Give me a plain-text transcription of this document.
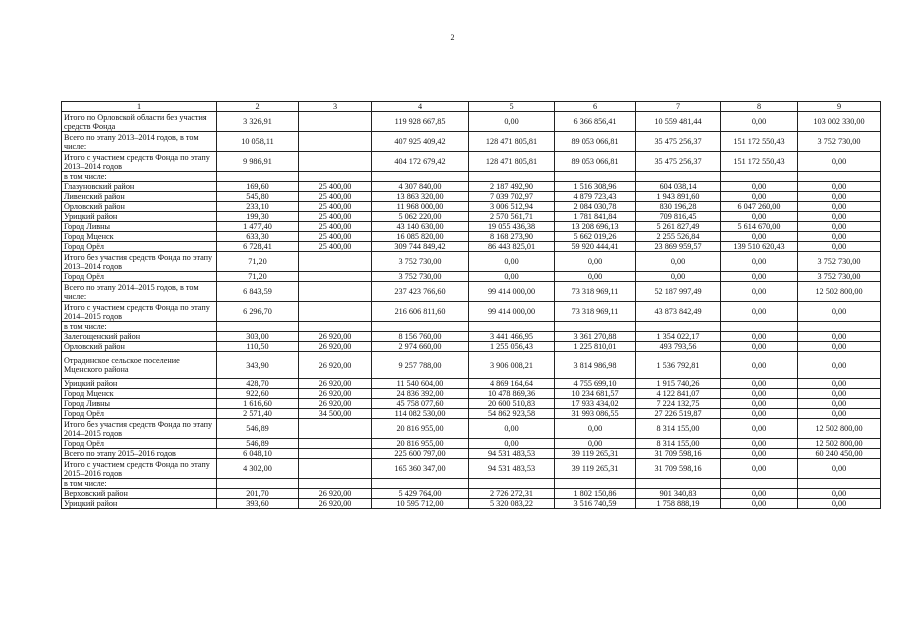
2
1	2	3	4	5	6	7	8	9
Итого по Орловской области без участия средств Фонда	3 326,91		119 928 667,85	0,00	6 366 856,41	10 559 481,44	0,00	103 002 330,00
Всего по этапу 2013–2014 годов, в том числе:	10 058,11		407 925 409,42	128 471 805,81	89 053 066,81	35 475 256,37	151 172 550,43	3 752 730,00
Итого с участием средств Фонда по этапу 2013–2014 годов	9 986,91		404 172 679,42	128 471 805,81	89 053 066,81	35 475 256,37	151 172 550,43	0,00
в том числе:								
Глазуновский район	169,60	25 400,00	4 307 840,00	2 187 492,90	1 516 308,96	604 038,14	0,00	0,00
Ливенский район	545,80	25 400,00	13 863 320,00	7 039 702,97	4 879 723,43	1 943 891,60	0,00	0,00
Орловский район	233,10	25 400,00	11 968 000,00	3 006 512,94	2 084 030,78	830 196,28	6 047 260,00	0,00
Урицкий район	199,30	25 400,00	5 062 220,00	2 570 561,71	1 781 841,84	709 816,45	0,00	0,00
Город Ливны	1 477,40	25 400,00	43 140 630,00	19 055 436,38	13 208 696,13	5 261 827,49	5 614 670,00	0,00
Город Мценск	633,30	25 400,00	16 085 820,00	8 168 273,90	5 662 019,26	2 255 526,84	0,00	0,00
Город Орёл	6 728,41	25 400,00	309 744 849,42	86 443 825,01	59 920 444,41	23 869 959,57	139 510 620,43	0,00
Итого без участия средств Фонда по этапу 2013–2014 годов	71,20		3 752 730,00	0,00	0,00	0,00	0,00	3 752 730,00
Город Орёл	71,20		3 752 730,00	0,00	0,00	0,00	0,00	3 752 730,00
Всего по этапу 2014–2015 годов, в том числе:	6 843,59		237 423 766,60	99 414 000,00	73 318 969,11	52 187 997,49	0,00	12 502 800,00
Итого с участием средств Фонда по этапу 2014–2015 годов	6 296,70		216 606 811,60	99 414 000,00	73 318 969,11	43 873 842,49	0,00	0,00
в том числе:								
Залегощенский район	303,00	26 920,00	8 156 760,00	3 441 466,95	3 361 270,88	1 354 022,17	0,00	0,00
Орловский район	110,50	26 920,00	2 974 660,00	1 255 056,43	1 225 810,01	493 793,56	0,00	0,00
Отрадинское сельское поселение Мценского района	343,90	26 920,00	9 257 788,00	3 906 008,21	3 814 986,98	1 536 792,81	0,00	0,00
Урицкий район	428,70	26 920,00	11 540 604,00	4 869 164,64	4 755 699,10	1 915 740,26	0,00	0,00
Город Мценск	922,60	26 920,00	24 836 392,00	10 478 869,36	10 234 681,57	4 122 841,07	0,00	0,00
Город Ливны	1 616,60	26 920,00	45 758 077,60	20 600 510,83	17 933 434,02	7 224 132,75	0,00	0,00
Город Орёл	2 571,40	34 500,00	114 082 530,00	54 862 923,58	31 993 086,55	27 226 519,87	0,00	0,00
Итого без участия средств Фонда по этапу 2014–2015 годов	546,89		20 816 955,00	0,00	0,00	8 314 155,00	0,00	12 502 800,00
Город Орёл	546,89		20 816 955,00	0,00	0,00	8 314 155,00	0,00	12 502 800,00
Всего по этапу 2015–2016 годов	6 048,10		225 600 797,00	94 531 483,53	39 119 265,31	31 709 598,16	0,00	60 240 450,00
Итого с участием средств Фонда по этапу 2015–2016 годов	4 302,00		165 360 347,00	94 531 483,53	39 119 265,31	31 709 598,16	0,00	0,00
в том числе:								
Верховский район	201,70	26 920,00	5 429 764,00	2 726 272,31	1 802 150,86	901 340,83	0,00	0,00
Урицкий район	393,60	26 920,00	10 595 712,00	5 320 083,22	3 516 740,59	1 758 888,19	0,00	0,00
